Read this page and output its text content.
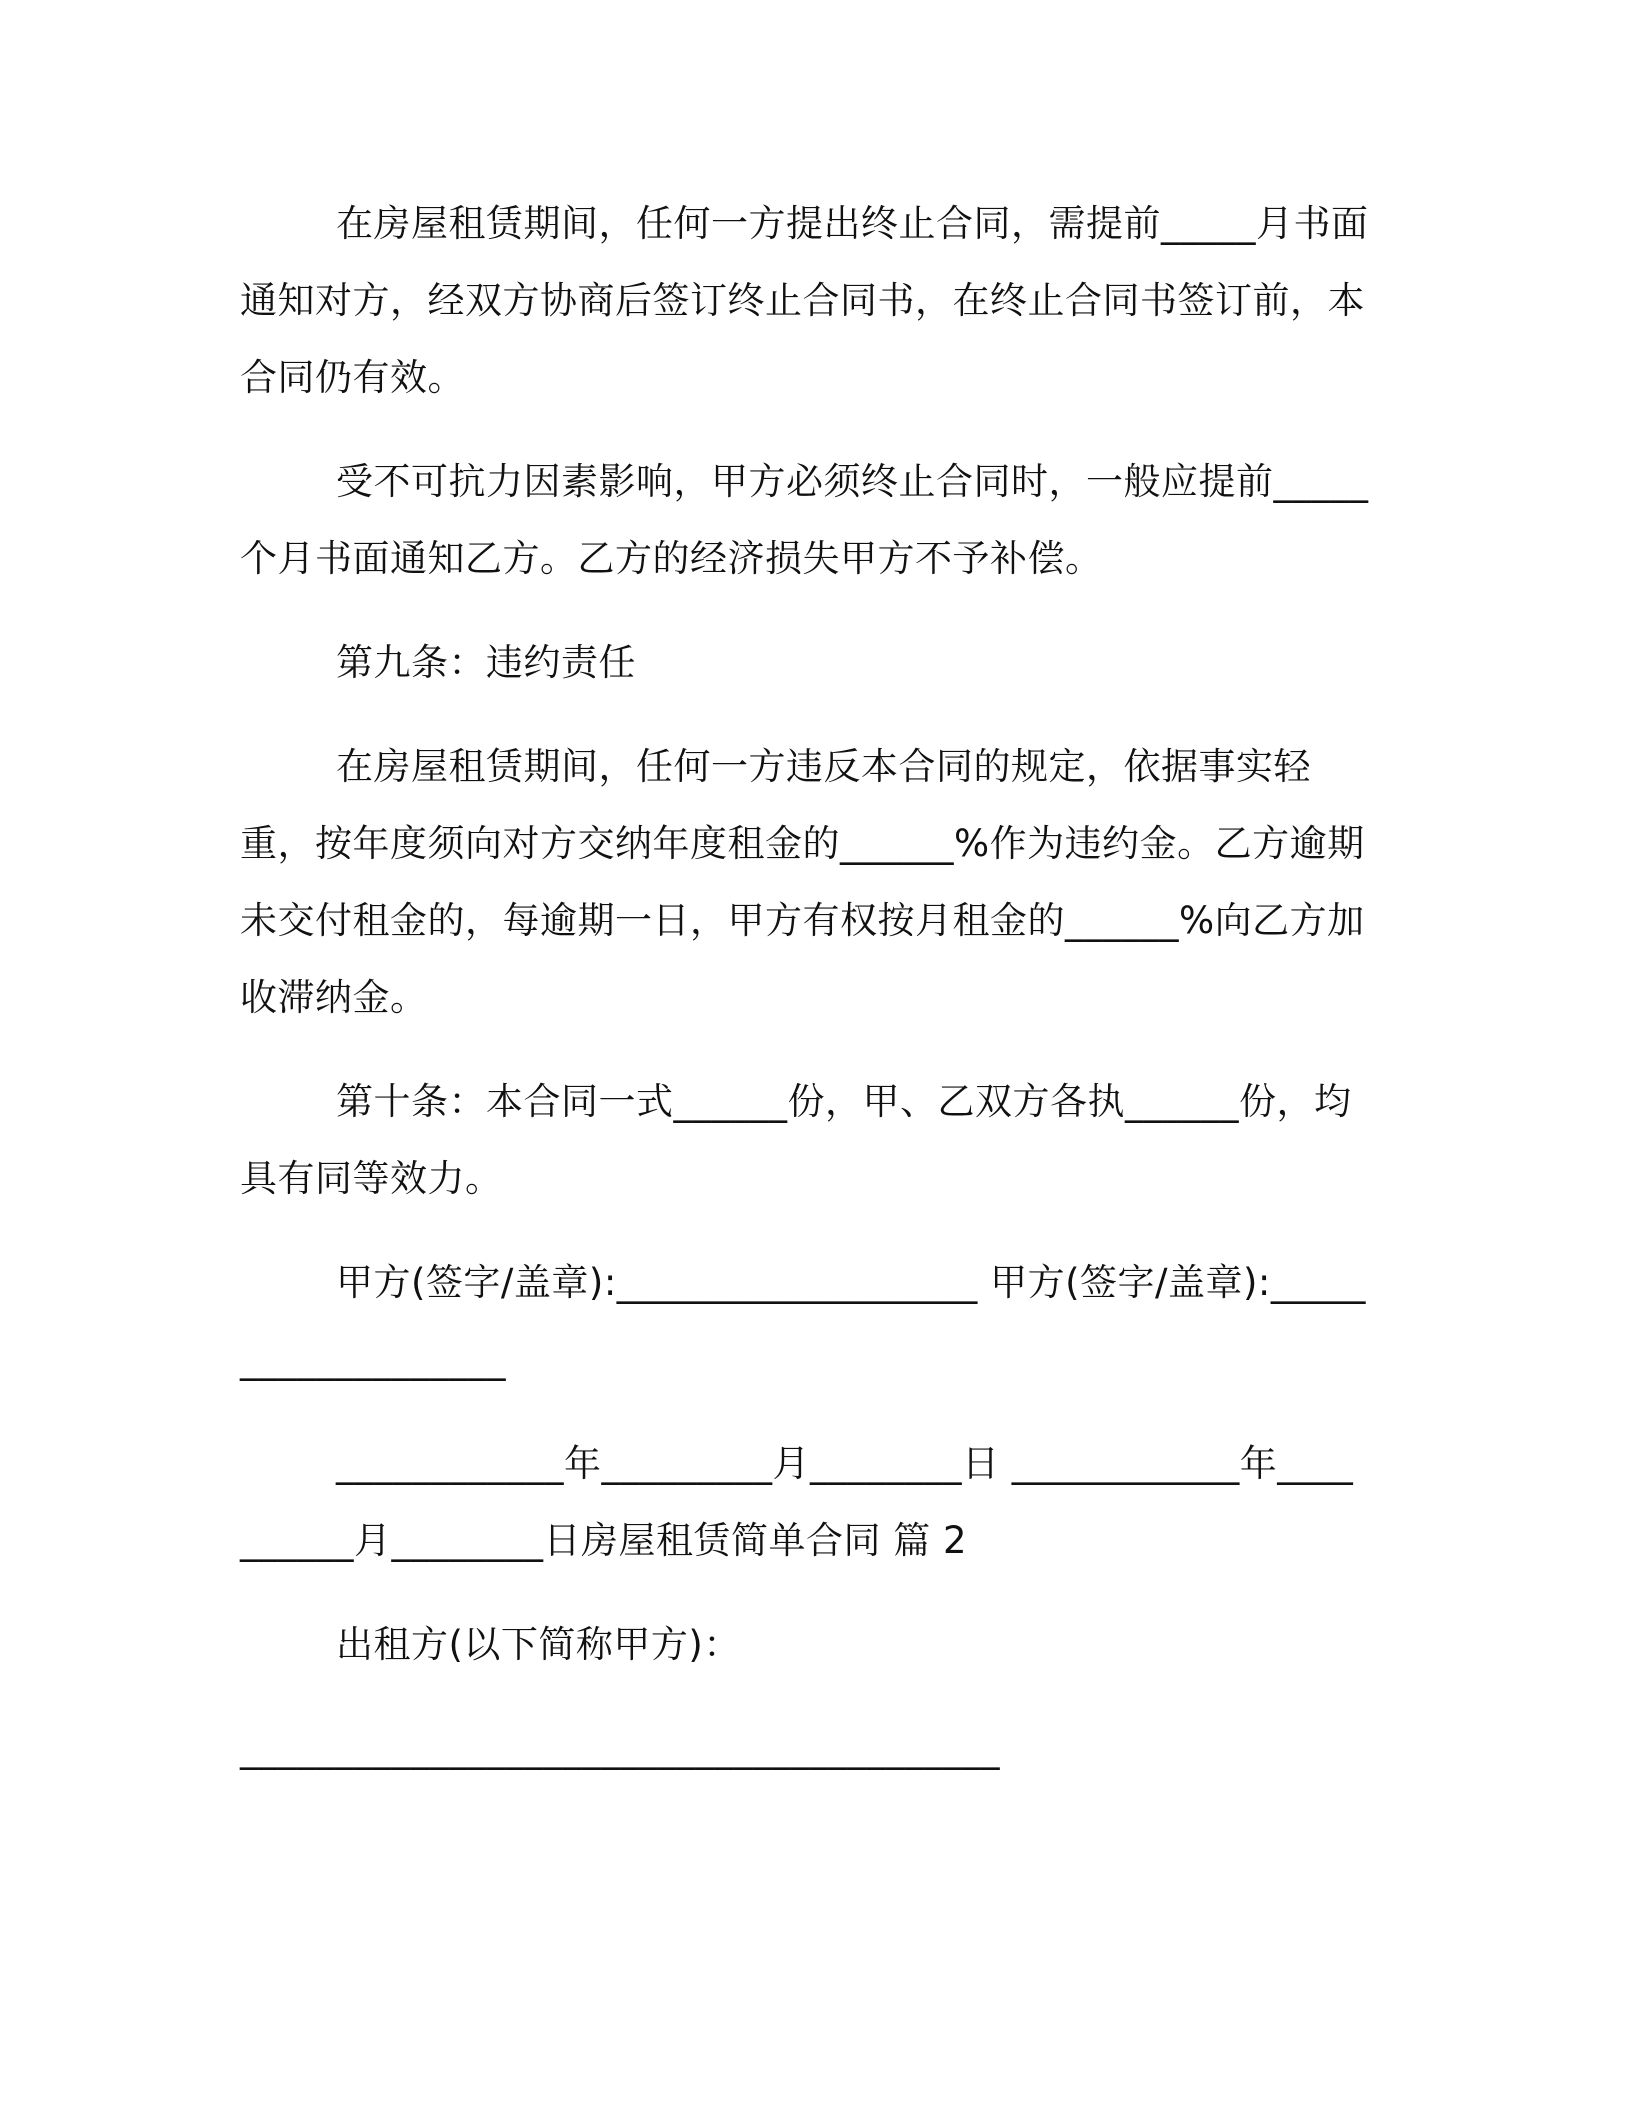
在房屋租赁期间，任何一方提出终止合同，需提前_____月书面通知对方，经双方协商后签订终止合同书，在终止合同书签订前，本合同仍有效。

受不可抗力因素影响，甲方必须终止合同时，一般应提前_____个月书面通知乙方。乙方的经济损失甲方不予补偿。

第九条：违约责任

在房屋租赁期间，任何一方违反本合同的规定，依据事实轻重，按年度须向对方交纳年度租金的______%作为违约金。乙方逾期未交付租金的，每逾期一日，甲方有权按月租金的______%向乙方加收滞纳金。

第十条：本合同一式______份，甲、乙双方各执______份，均具有同等效力。

甲方(签字/盖章):___________________ 甲方(签字/盖章):___________________

____________年_________月________日 ____________年__________月________日房屋租赁简单合同 篇 2

出租方(以下简称甲方)：

________________________________________
